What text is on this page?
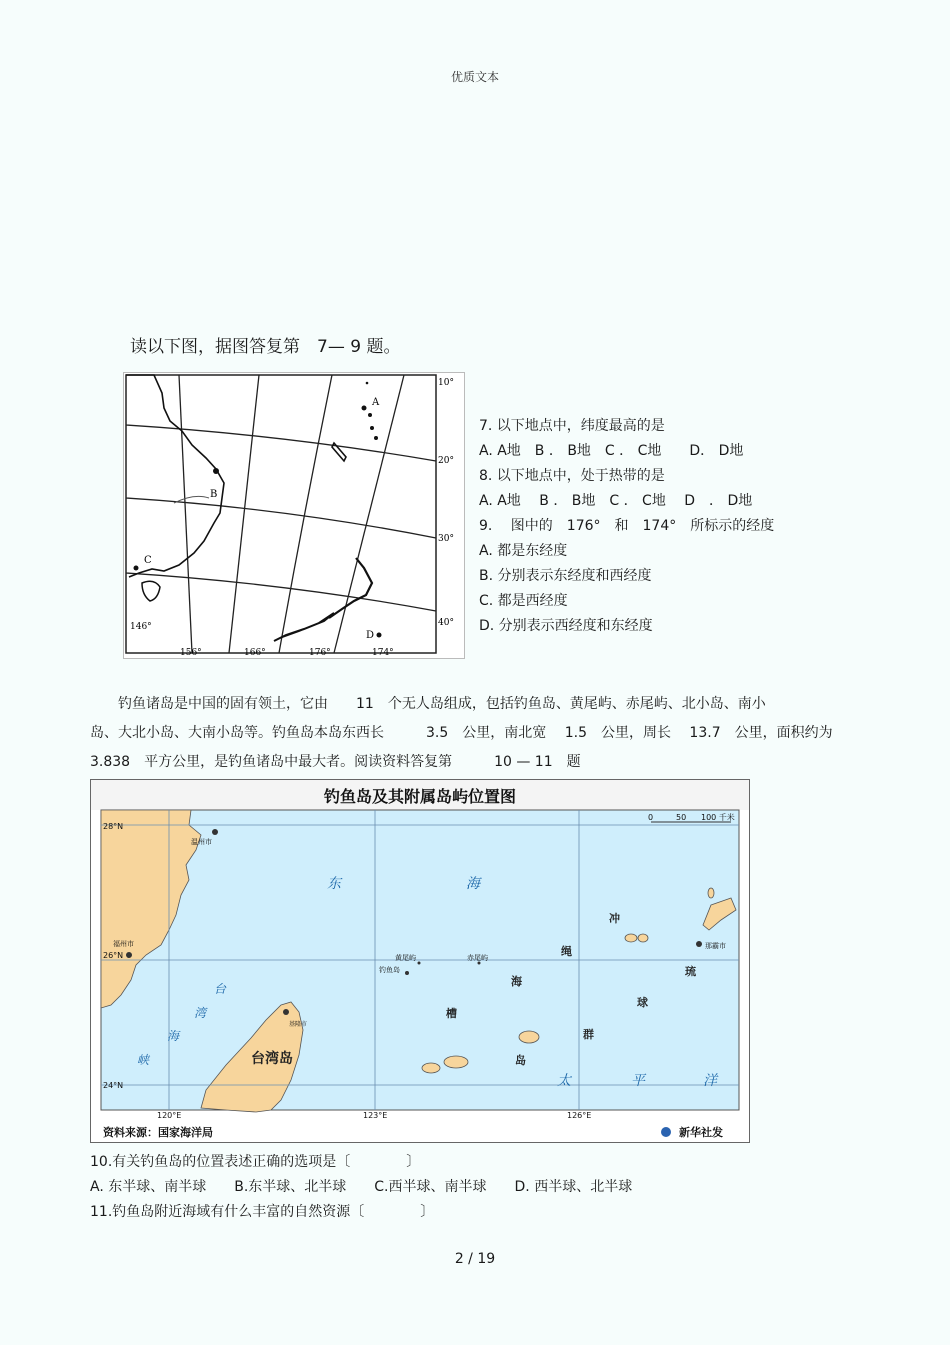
优质文本
读以下图，据图答复第　7— 9 题。
A
B
C
D
10°
20°
30°
40°
146°
156°	166°	176°	174°
7. 以下地点中，纬度最高的是
A. A地　B ． B地　C ． C地　　D． D地
8. 以下地点中，处于热带的是
A. A地　 B ． B地　C ． C地　 D　． D地
9.　 图中的　176°　和　174°　所标示的经度
A. 都是东经度
B. 分别表示东经度和西经度
C. 都是西经度
D. 分别表示西经度和东经度
　　钓鱼诸岛是中国的固有领土，它由　　11　个无人岛组成，包括钓鱼岛、黄尾屿、赤尾屿、北小岛、南小
岛、大北小岛、大南小岛等。钓鱼岛本岛东西长　　　3.5　公里，南北宽　 1.5　公里，周长　 13.7　公里，面积约为
3.838　平方公里，是钓鱼诸岛中最大者。阅读资料答复第　　　10 — 11　题
钓鱼岛及其附属岛屿位置图
0	50 100 千米
28°N
26°N
24°N
120°E	123°E	126°E
温州市
福州市
基隆市
那霸市
黄尾屿	赤尾屿
钓鱼岛
台湾岛
东	海
台
湾
海
峡
冲
绳
海
槽
琉
球
群
岛
太	平	洋
资料来源：国家海洋局	新华社发
10.有关钓鱼岛的位置表述正确的选项是〔　　　　〕
A. 东半球、南半球　　B.东半球、北半球　　C.西半球、南半球　　D. 西半球、北半球
11.钓鱼岛附近海域有什么丰富的自然资源〔　　　　〕
2 / 19
